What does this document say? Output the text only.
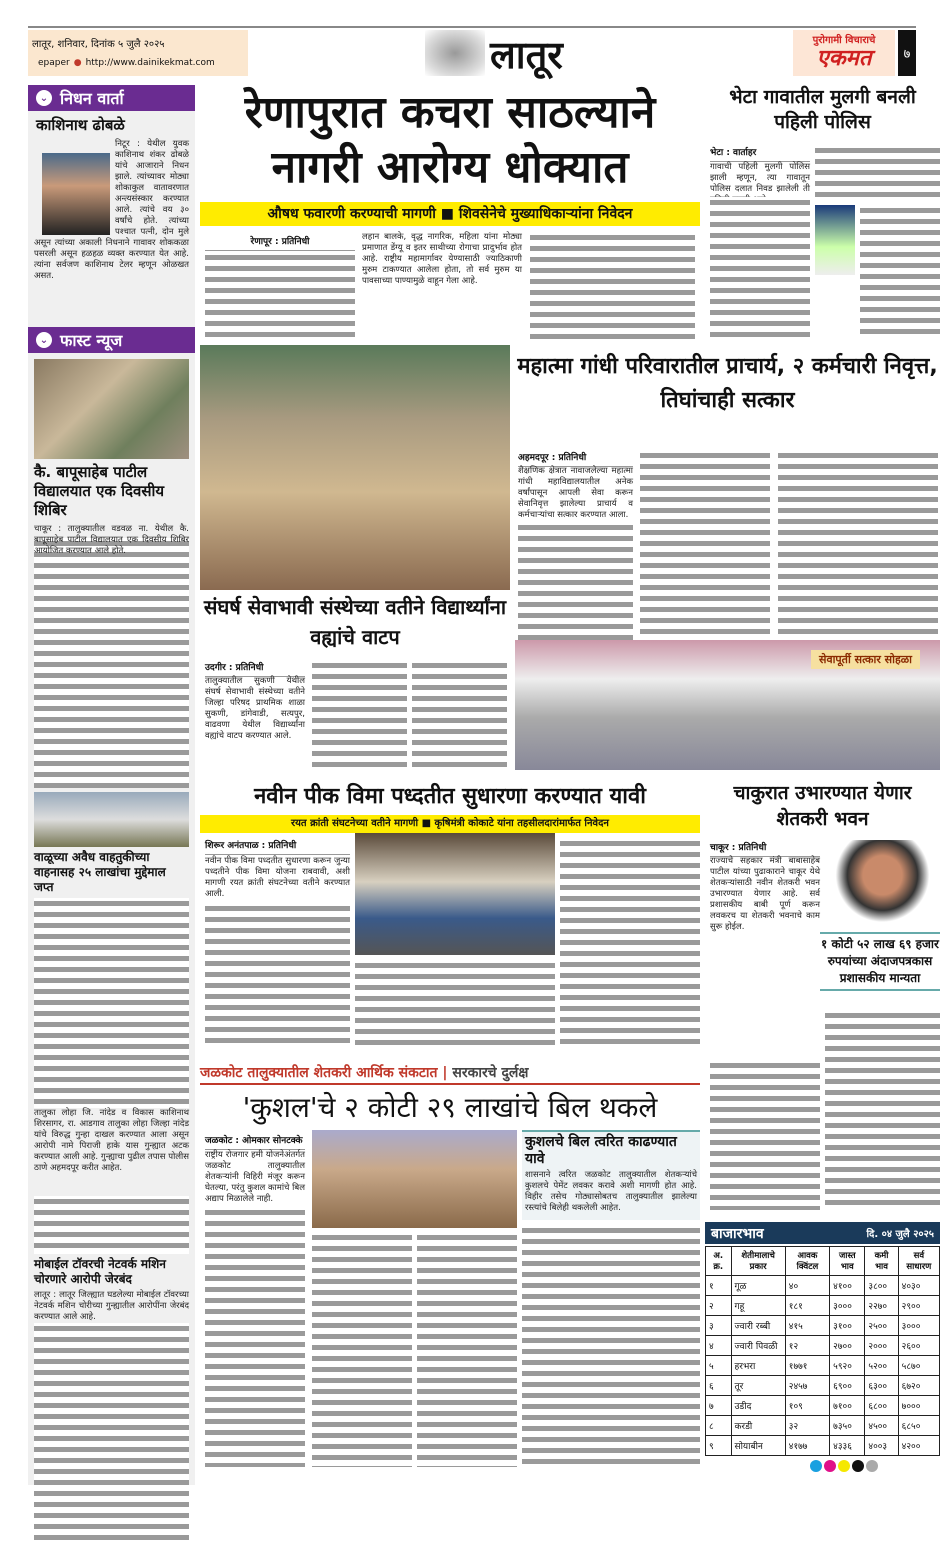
लातूर, शनिवार, दिनांक ५ जुलै २०२५
epaper ● http://www.dainikekmat.com	लातूर	पुरोगामी विचाराचे
एकमत	७
⌄ निधन वार्ता
काशिनाथ ढोबळे
निटूर : येथील युवक काशिनाथ शंकर ढोबळे यांचे आजाराने निधन झाले. त्यांच्यावर मोठ्या शोकाकुल वातावरणात अन्त्यसंस्कार करण्यात आले. त्यांचे वय ३० वर्षांचे होते. त्यांच्या पश्चात पत्नी, दोन मुले असून त्यांच्या अकाली निधनाने गावावर शोककळा पसरली असून हळहळ व्यक्त करण्यात येत आहे. त्यांना सर्वजण काशिनाथ टेलर म्हणून ओळखत असत.
⌄ फास्ट न्यूज
कै. बापूसाहेब पाटील विद्यालयात एक दिवसीय शिबिर
चाकूर : तालुक्यातील वडवळ ना. येथील कै. बापूसाहेब पाटील विद्यालयात एक दिवसीय शिबिर आयोजित करण्यात आले होते.
वाळूच्या अवैध वाहतुकीच्या वाहनासह २५ लाखांचा मुद्देमाल जप्त
तालुका लोहा जि. नांदेड व विकास काशिनाथ शिरसागर, रा. आडगाव तालुका लोहा जिल्हा नांदेड यांचे विरुद्ध गुन्हा दाखल करण्यात आला असून आरोपी नामे पिराजी हाके यास गुन्ह्यात अटक करण्यात आली आहे. गुन्ह्याचा पुढील तपास पोलीस ठाणे अहमदपूर करीत आहेत.
मोबाईल टॉवरची नेटवर्क मशिन चोरणारे आरोपी जेरबंद
लातूर : लातूर जिल्ह्यात घडलेल्या मोबाईल टॉवरच्या नेटवर्क मशिन चोरीच्या गुन्ह्यातील आरोपींना जेरबंद करण्यात आले आहे.
रेणापुरात कचरा साठल्याने नागरी आरोग्य धोक्यात
औषध फवारणी करण्याची मागणी ■ शिवसेनेचे मुख्याधिकाऱ्यांना निवेदन
रेणापूर : प्रतिनिधी	लहान बालके, वृद्ध नागरिक, महिला यांना मोठ्या प्रमाणात डेंग्यू व इतर साथीच्या रोगाचा प्रादुर्भाव होत आहे. राष्ट्रीय महामार्गावर येण्यासाठी ज्याठिकाणी मुरुम टाकण्यात आलेला होता, तो सर्व मुरुम या पावसाच्या पाण्यामुळे वाहून गेला आहे.
भेटा गावातील मुलगी बनली पहिली पोलिस
भेटा : वार्ताहर
गावाची पहिली मुलगी पोलिस झाली म्हणून, त्या गावातून पोलिस दलात निवड झालेली ती
संघर्ष सेवाभावी संस्थेच्या वतीने विद्यार्थ्यांना वह्यांचे वाटप
उदगीर : प्रतिनिधी
तालुक्यातील सुकणी येथील संघर्ष सेवाभावी संस्थेच्या वतीने जिल्हा परिषद प्राथमिक शाळा सुकणी, डांगेवाडी, सत्यपुर, वाढवणा येथील विद्यार्थ्यांना वह्यांचे वाटप करण्यात आले.
महात्मा गांधी परिवारातील प्राचार्य, २ कर्मचारी निवृत्त, तिघांचाही सत्कार
अहमदपूर : प्रतिनिधी
शैक्षणिक क्षेत्रात नावाजलेल्या महात्मा गांधी महाविद्यालयातील अनेक वर्षांपासून आपली सेवा करून सेवानिवृत्त झालेल्या प्राचार्य व कर्मचाऱ्यांचा सत्कार करण्यात आला.
सेवापूर्ती सत्कार सोहळा
नवीन पीक विमा पध्दतीत सुधारणा करण्यात यावी
रयत क्रांती संघटनेच्या वतीने मागणी ■ कृषिमंत्री कोकाटे यांना तहसीलदारांमार्फत निवेदन
शिरूर अनंतपाळ : प्रतिनिधी
नवीन पीक विमा पध्दतीत सुधारणा करून जुन्या पध्दतीने पीक विमा योजना राबवावी, अशी मागणी रयत क्रांती संघटनेच्या वतीने करण्यात आली.
चाकुरात उभारण्यात येणार शेतकरी भवन
चाकूर : प्रतिनिधी
राज्याचे सहकार मंत्री बाबासाहेब पाटील यांच्या पुढाकाराने चाकूर येथे शेतकऱ्यांसाठी नवीन शेतकरी भवन उभारण्यात येणार आहे. सर्व प्रशासकीय बाबी पूर्ण करून लवकरच या शेतकरी भवनाचे काम सुरू होईल.
१ कोटी ५२ लाख ६९ हजार रुपयांच्या अंदाजपत्रकास प्रशासकीय मान्यता
जळकोट तालुक्यातील शेतकरी आर्थिक संकटात | सरकारचे दुर्लक्ष
'कुशल'चे २ कोटी २९ लाखांचे बिल थकले
जळकोट : ओमकार सोनटक्के
राष्ट्रीय रोजगार हमी योजनेअंतर्गत जळकोट तालुक्यातील शेतकऱ्यांनी विहिरी मंजूर करून घेतल्या, परंतु कुशल कामांचे बिल अद्याप मिळालेले नाही.
कुशलचे बिल त्वरित काढण्यात यावे
शासनाने त्वरित जळकोट तालुक्यातील शेतकऱ्यांचे कुशलचे पेमेंट लवकर करावे अशी मागणी होत आहे. विहीर तसेच गोठ्यासोबतच तालुक्यातील झालेल्या रस्त्यांचे बिलेही थकलेली आहेत.
बाजारभाव	दि. ०४ जुलै २०२५
अ. क्र.	शेतीमालाचे प्रकार	आवक क्विंटल	जास्त भाव	कमी भाव	सर्व साधारण
१	गूळ	४०	४१००	३८००	४०३०
२	गहू	१८१	३०००	२२७०	२९००
३	ज्वारी रब्बी	४१५	३१००	२५००	३०००
४	ज्वारी पिवळी	१२	२७००	२०००	२६००
५	हरभरा	१७७१	५९२०	५२००	५८७०
६	तूर	२४५७	६९००	६३००	६७२०
७	उडीद	१०९	७१००	६८००	७०००
८	करडी	३२	७३५०	४५००	६८५०
९	सोयाबीन	४१७७	४३३६	४००३	४२००
